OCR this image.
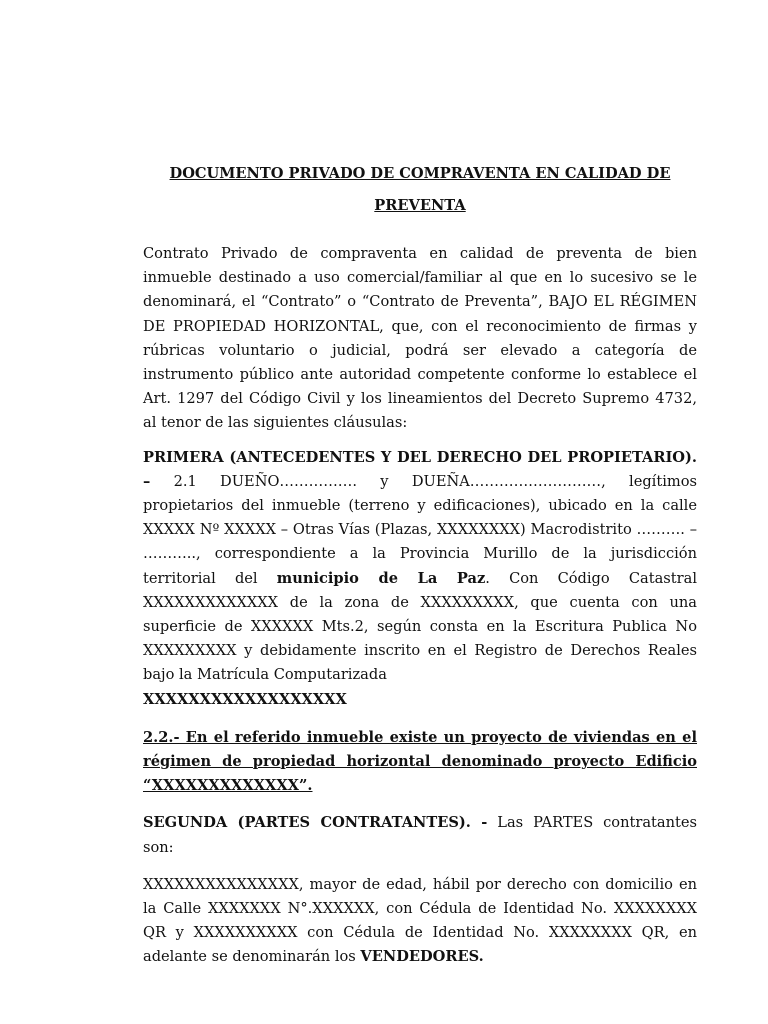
DOCUMENTO PRIVADO DE COMPRAVENTA EN CALIDAD DE
PREVENTA

Contrato Privado de compraventa en calidad de preventa de bien inmueble destinado a uso comercial/familiar al que en lo sucesivo se le denominará, el “Contrato” o “Contrato de Preventa”, BAJO EL RÉGIMEN DE PROPIEDAD HORIZONTAL, que, con el reconocimiento de firmas y rúbricas voluntario o judicial, podrá ser elevado a categoría de instrumento público ante autoridad competente conforme lo establece el Art. 1297 del Código Civil y los lineamientos del Decreto Supremo 4732, al tenor de las siguientes cláusulas:

PRIMERA (ANTECEDENTES Y DEL DERECHO DEL PROPIETARIO). – 2.1 DUEÑO……………. y DUEÑA………………………, legítimos propietarios del inmueble (terreno y edificaciones), ubicado en la calle XXXXX Nº XXXXX – Otras Vías (Plazas, XXXXXXXX) Macrodistrito ………. – ……….., correspondiente a la Provincia Murillo de la jurisdicción territorial del municipio de La Paz. Con Código Catastral XXXXXXXXXXXXX de la zona de XXXXXXXXX, que cuenta con una superficie de XXXXXX Mts.2, según consta en la Escritura Publica No XXXXXXXXX y debidamente inscrito en el Registro de Derechos Reales bajo la Matrícula Computarizada
XXXXXXXXXXXXXXXXXX

2.2.- En el referido inmueble existe un proyecto de viviendas en el régimen de propiedad horizontal denominado proyecto Edificio “XXXXXXXXXXXXX”.

SEGUNDA (PARTES CONTRATANTES). - Las PARTES contratantes son:

XXXXXXXXXXXXXXX, mayor de edad, hábil por derecho con domicilio en la Calle XXXXXXX N°.XXXXXX, con Cédula de Identidad No. XXXXXXXX QR y XXXXXXXXXX con Cédula de Identidad No. XXXXXXXX QR, en adelante se denominarán los VENDEDORES.
